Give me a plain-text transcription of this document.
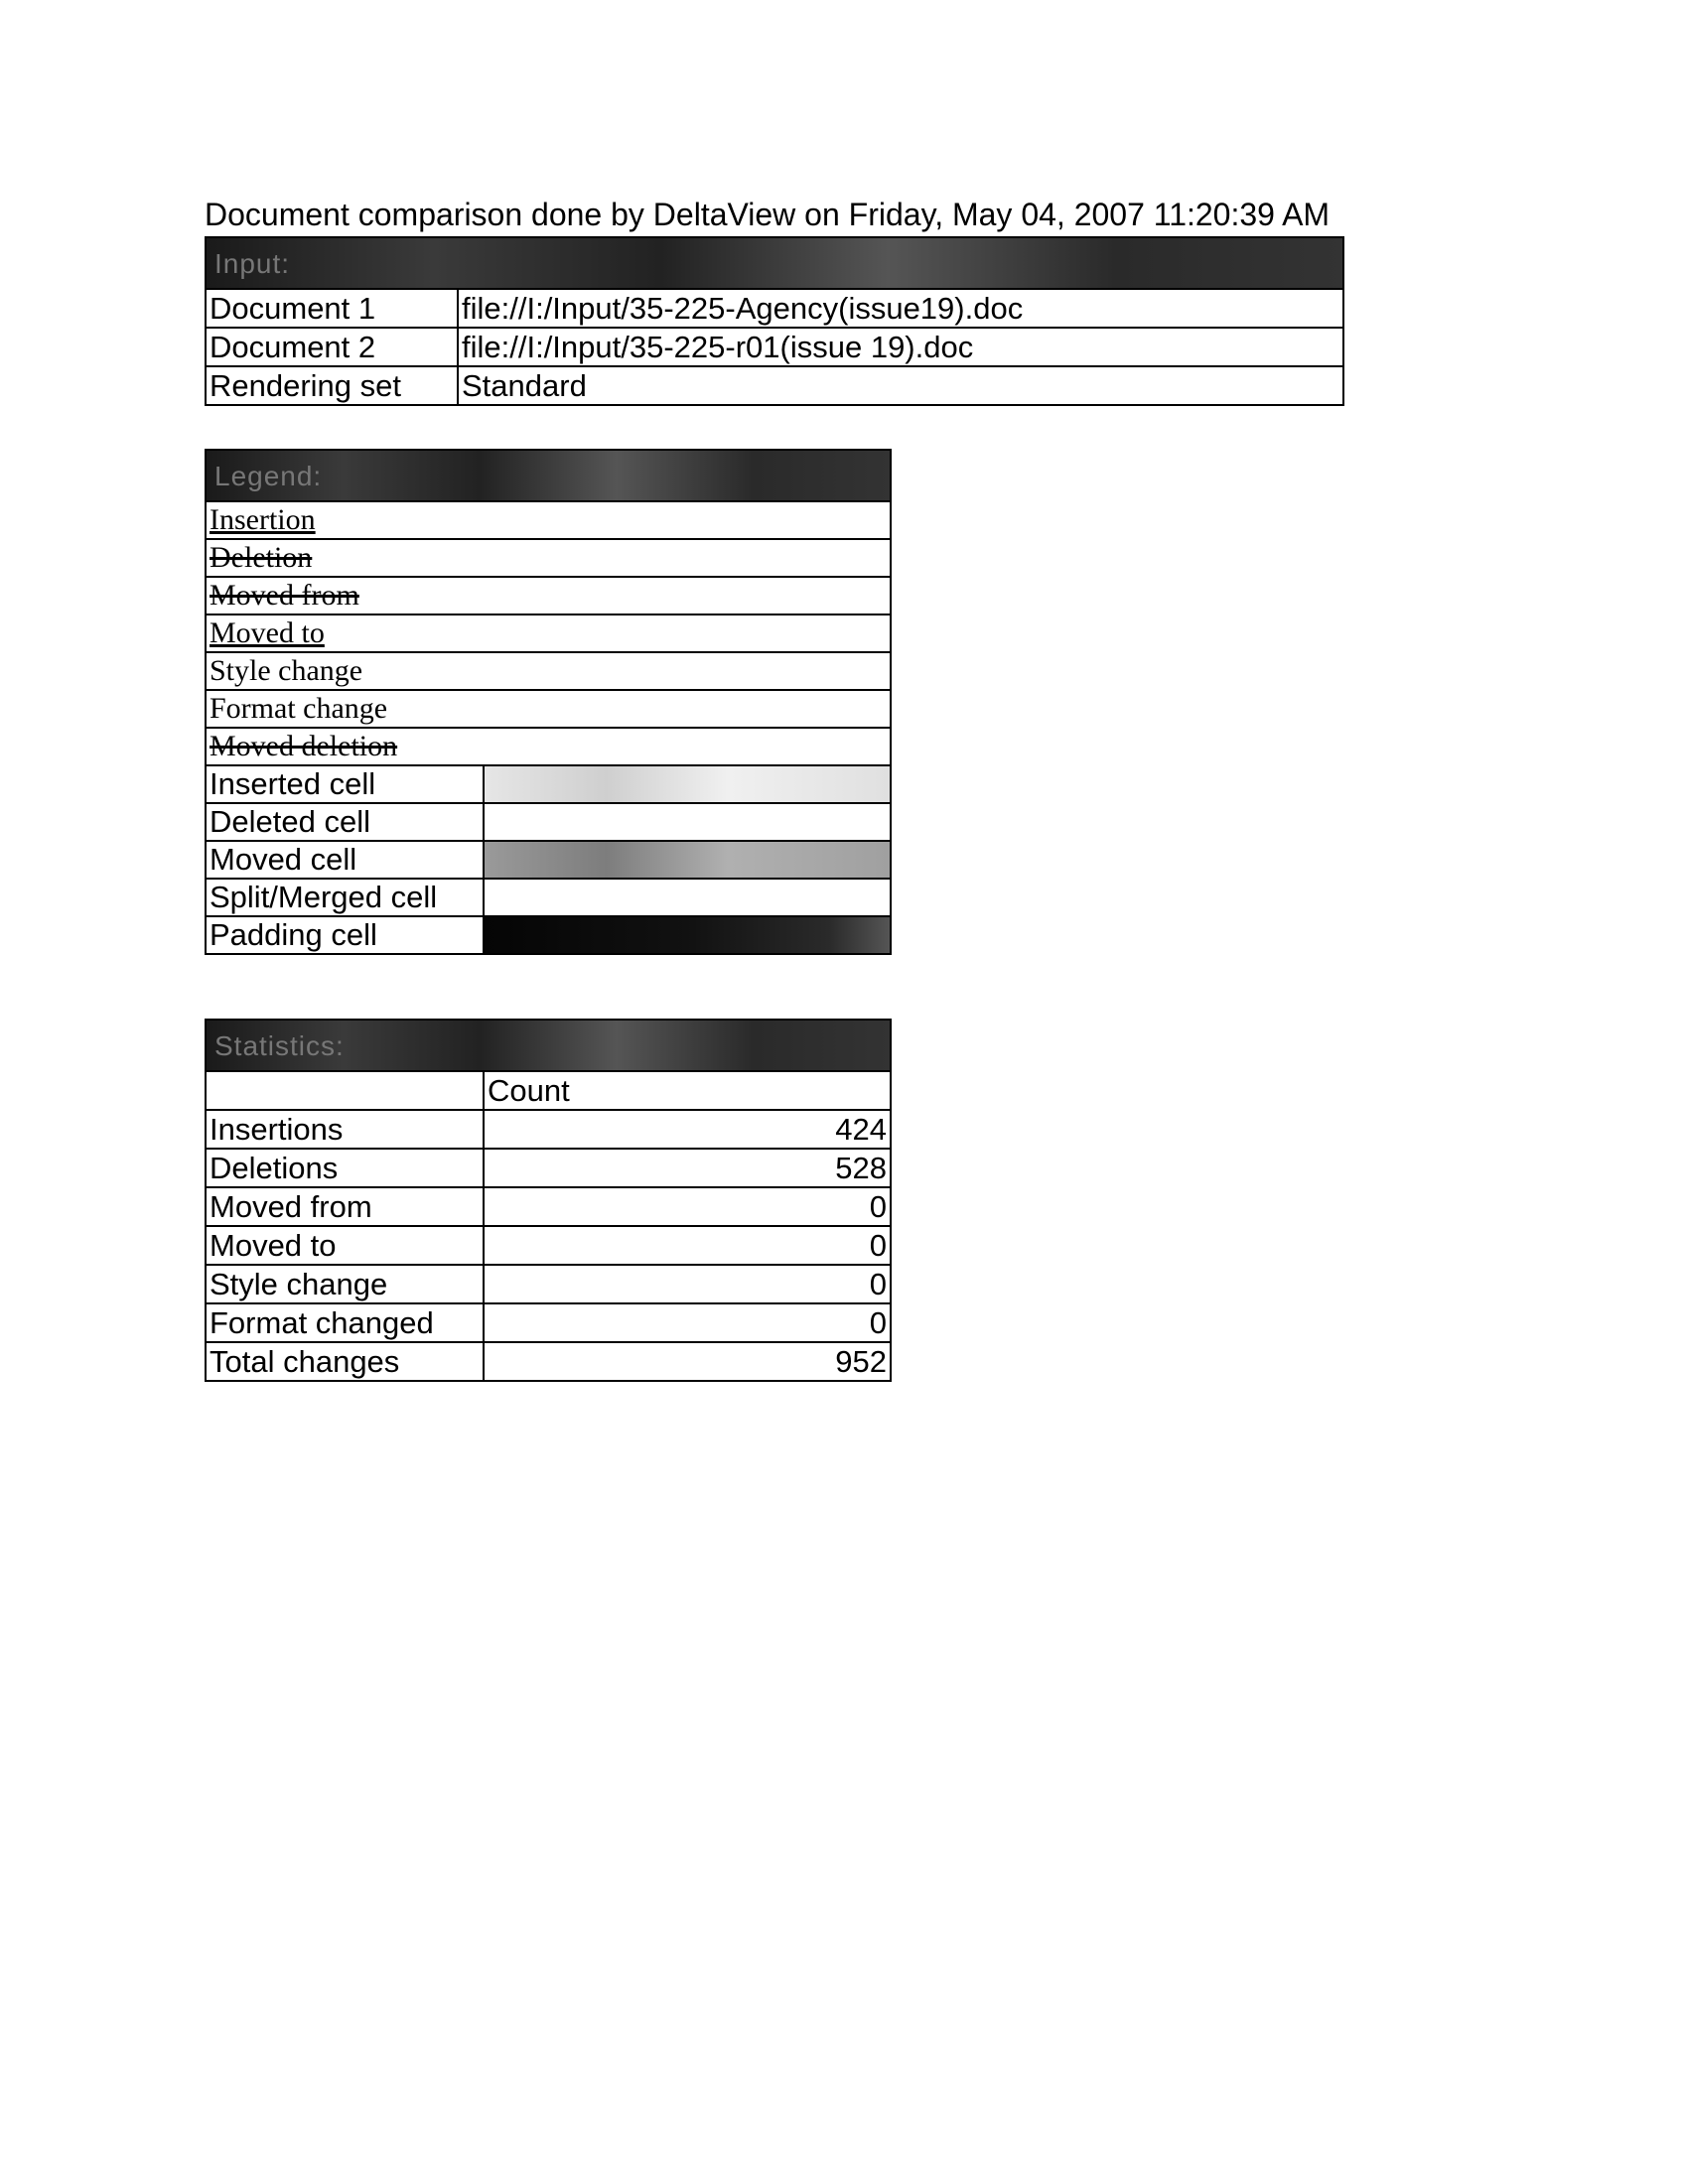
Document comparison done by DeltaView on Friday, May 04, 2007 11:20:39 AM
Input:	
Document 1	file://I:/Input/35-225-Agency(issue19).doc
Document 2	file://I:/Input/35-225-r01(issue 19).doc
Rendering set	Standard
Legend:	
Insertion	
Deletion	
Moved from	
Moved to	
Style change	
Format change	
Moved deletion	
Inserted cell	
Deleted cell	
Moved cell	
Split/Merged cell	
Padding cell	
Statistics:	
	Count
Insertions	424
Deletions	528
Moved from	0
Moved to	0
Style change	0
Format changed	0
Total changes	952
